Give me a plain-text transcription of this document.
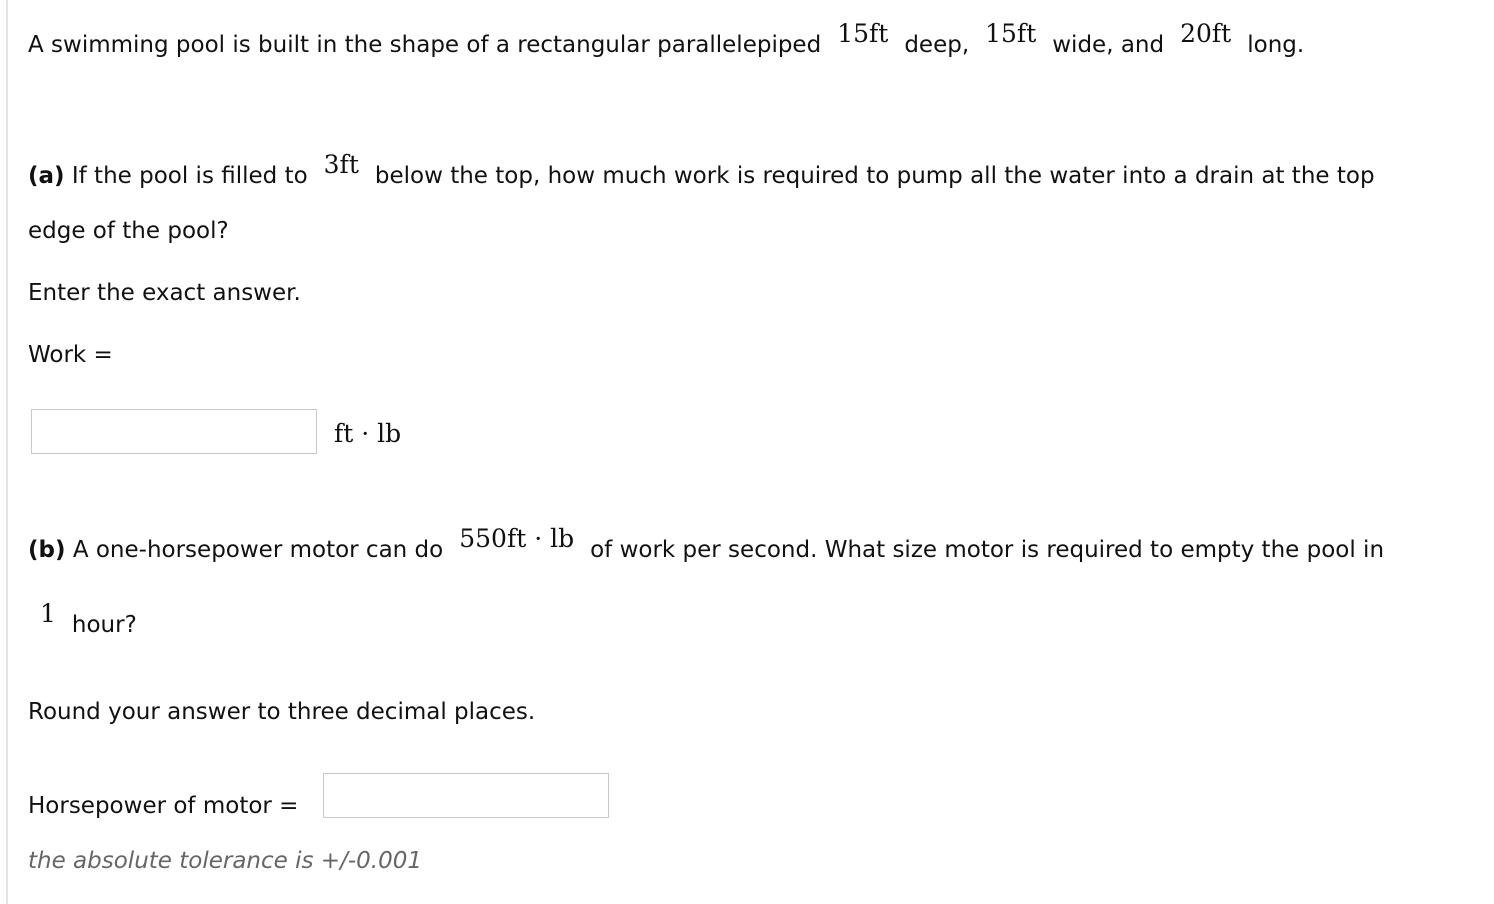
A swimming pool is built in the shape of a rectangular parallelepiped 15ft deep, 15ft wide, and 20ft long.
(a) If the pool is filled to 3ft below the top, how much work is required to pump all the water into a drain at the top
edge of the pool?
Enter the exact answer.
Work =
ft · lb
(b) A one-horsepower motor can do 550ft · lb of work per second. What size motor is required to empty the pool in
1 hour?
Round your answer to three decimal places.
Horsepower of motor =
the absolute tolerance is +/-0.001
